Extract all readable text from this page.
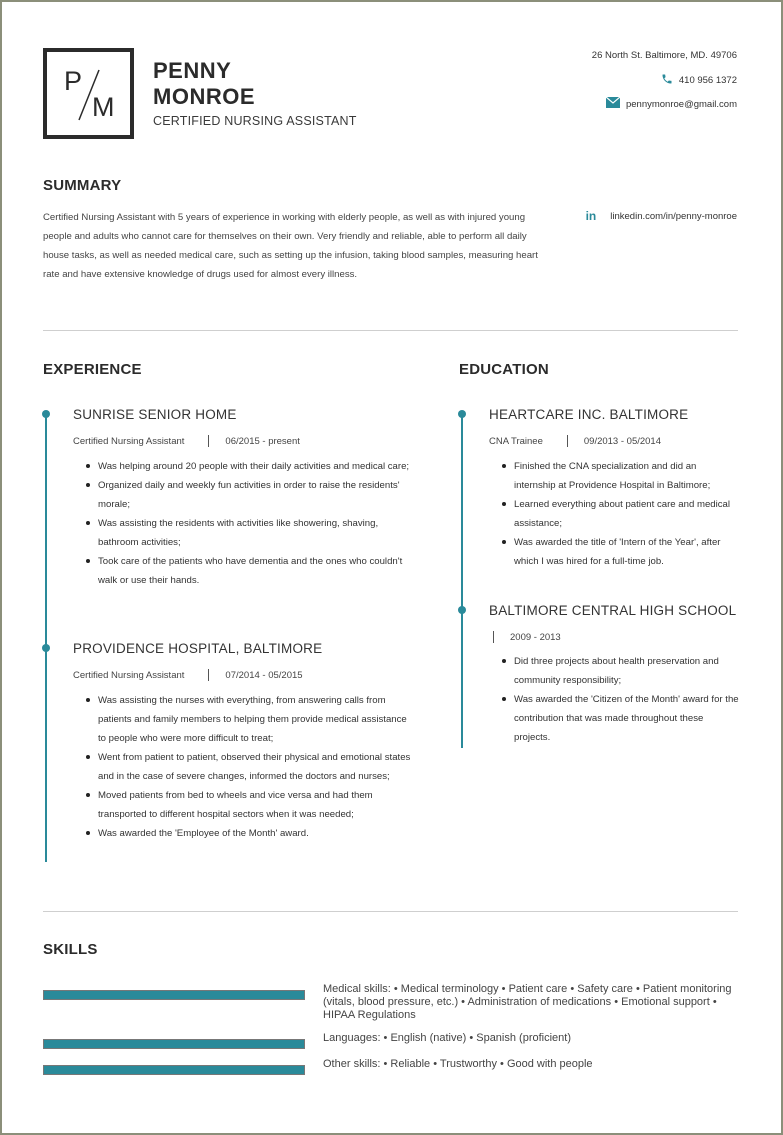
P
M
PENNY
MONROE
CERTIFIED NURSING ASSISTANT
26 North St. Baltimore, MD. 49706
410 956 1372
pennymonroe@gmail.com
SUMMARY
Certified Nursing Assistant with 5 years of experience in working with elderly people, as well as with injured young people and adults who cannot care for themselves on their own. Very friendly and reliable, able to perform all daily house tasks, as well as needed medical care, such as setting up the infusion, taking blood samples, measuring heart rate and have extensive knowledge of drugs used for almost every illness.
in linkedin.com/in/penny-monroe
EXPERIENCE
SUNRISE SENIOR HOME
Certified Nursing Assistant	06/2015 - present
Was helping around 20 people with their daily activities and medical care;
Organized daily and weekly fun activities in order to raise the residents' morale;
Was assisting the residents with activities like showering, shaving, bathroom activities;
Took care of the patients who have dementia and the ones who couldn't walk or use their hands.
PROVIDENCE HOSPITAL, BALTIMORE
Certified Nursing Assistant	07/2014 - 05/2015
Was assisting the nurses with everything, from answering calls from patients and family members to helping them provide medical assistance to people who were more difficult to treat;
Went from patient to patient, observed their physical and emotional states and in the case of severe changes, informed the doctors and nurses;
Moved patients from bed to wheels and vice versa and had them transported to different hospital sectors when it was needed;
Was awarded the 'Employee of the Month' award.
EDUCATION
HEARTCARE INC. BALTIMORE
CNA Trainee	09/2013 - 05/2014
Finished the CNA specialization and did an internship at Providence Hospital in Baltimore;
Learned everything about patient care and medical assistance;
Was awarded the title of 'Intern of the Year', after which I was hired for a full-time job.
BALTIMORE CENTRAL HIGH SCHOOL
2009 - 2013
Did three projects about health preservation and community responsibility;
Was awarded the 'Citizen of the Month' award for the contribution that was made throughout these projects.
SKILLS
Medical skills: • Medical terminology • Patient care • Safety care • Patient monitoring (vitals, blood pressure, etc.) • Administration of medications • Emotional support • HIPAA Regulations
Languages: • English (native) • Spanish (proficient)
Other skills: • Reliable • Trustworthy • Good with people
